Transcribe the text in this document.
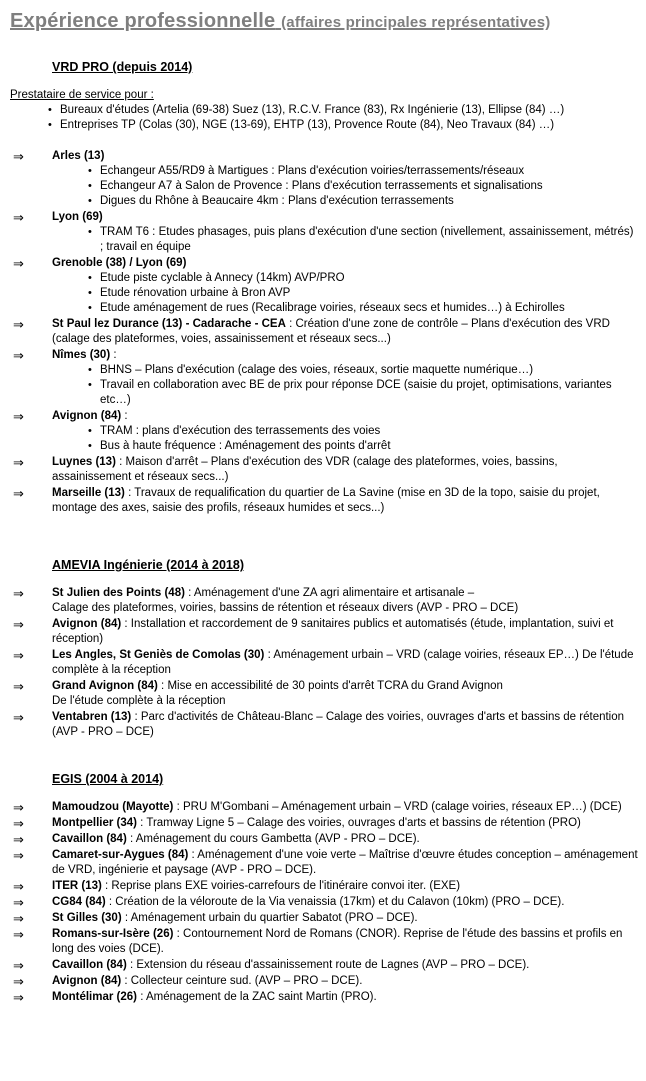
Expérience professionnelle (affaires principales représentatives)
VRD PRO (depuis 2014)
Prestataire de service pour :
• Bureaux d'études (Artelia (69-38) Suez (13), R.C.V. France (83), Rx Ingénierie (13), Ellipse (84) …)
• Entreprises TP (Colas (30), NGE (13-69), EHTP (13), Provence Route (84), Neo Travaux (84) …)
⇒	Arles (13)
• Echangeur A55/RD9 à Martigues : Plans d'exécution voiries/terrassements/réseaux
• Echangeur A7 à Salon de Provence : Plans d'exécution terrassements et signalisations
• Digues du Rhône à Beaucaire 4km : Plans d'exécution terrassements
⇒	Lyon (69)
• TRAM T6 : Etudes phasages, puis plans d'exécution d'une section (nivellement, assainissement, métrés) ; travail en équipe
⇒	Grenoble (38) / Lyon (69)
• Etude piste cyclable à Annecy (14km) AVP/PRO
• Etude rénovation urbaine à Bron AVP
• Etude aménagement de rues (Recalibrage voiries, réseaux secs et humides…) à Echirolles
⇒	St Paul lez Durance (13) - Cadarache - CEA : Création d'une zone de contrôle – Plans d'exécution des VRD (calage des plateformes, voies, assainissement et réseaux secs...)
⇒	Nîmes (30) :
• BHNS – Plans d'exécution (calage des voies, réseaux, sortie maquette numérique…)
• Travail en collaboration avec BE de prix pour réponse DCE (saisie du projet, optimisations, variantes etc…)
⇒	Avignon (84) :
• TRAM : plans d'exécution des terrassements des voies
• Bus à haute fréquence : Aménagement des points d'arrêt
⇒	Luynes (13) : Maison d'arrêt – Plans d'exécution des VDR (calage des plateformes, voies, bassins, assainissement et réseaux secs...)
⇒	Marseille (13) : Travaux de requalification du quartier de La Savine (mise en 3D de la topo, saisie du projet, montage des axes, saisie des profils, réseaux humides et secs...)
AMEVIA Ingénierie (2014 à 2018)
⇒	St Julien des Points (48) : Aménagement d'une ZA agri alimentaire et artisanale –
Calage des plateformes, voiries, bassins de rétention et réseaux divers (AVP - PRO – DCE)
⇒	Avignon (84) : Installation et raccordement de 9 sanitaires publics et automatisés (étude, implantation, suivi et réception)
⇒	Les Angles, St Geniès de Comolas (30) : Aménagement urbain – VRD (calage voiries, réseaux EP…) De l'étude complète à la réception
⇒	Grand Avignon (84) : Mise en accessibilité de 30 points d'arrêt TCRA du Grand Avignon
De l'étude complète à la réception
⇒	Ventabren (13) : Parc d'activités de Château-Blanc – Calage des voiries, ouvrages d'arts et bassins de rétention (AVP - PRO – DCE)
EGIS (2004 à 2014)
⇒	Mamoudzou (Mayotte) : PRU M'Gombani – Aménagement urbain – VRD (calage voiries, réseaux EP…) (DCE)
⇒	Montpellier (34) : Tramway Ligne 5 – Calage des voiries, ouvrages d'arts et bassins de rétention (PRO)
⇒	Cavaillon (84) : Aménagement du cours Gambetta (AVP - PRO – DCE).
⇒	Camaret-sur-Aygues (84) : Aménagement d'une voie verte – Maîtrise d'œuvre études conception – aménagement de VRD, ingénierie et paysage (AVP - PRO – DCE).
⇒	ITER (13) : Reprise plans EXE voiries-carrefours de l'itinéraire convoi iter. (EXE)
⇒	CG84 (84) : Création de la véloroute de la Via venaissia (17km) et du Calavon (10km) (PRO – DCE).
⇒	St Gilles (30) : Aménagement urbain du quartier Sabatot (PRO – DCE).
⇒	Romans-sur-Isère (26) : Contournement Nord de Romans (CNOR). Reprise de l'étude des bassins et profils en long des voies (DCE).
⇒	Cavaillon (84) : Extension du réseau d'assainissement route de Lagnes (AVP – PRO – DCE).
⇒	Avignon (84) : Collecteur ceinture sud. (AVP – PRO – DCE).
⇒	Montélimar (26) : Aménagement de la ZAC saint Martin (PRO).
